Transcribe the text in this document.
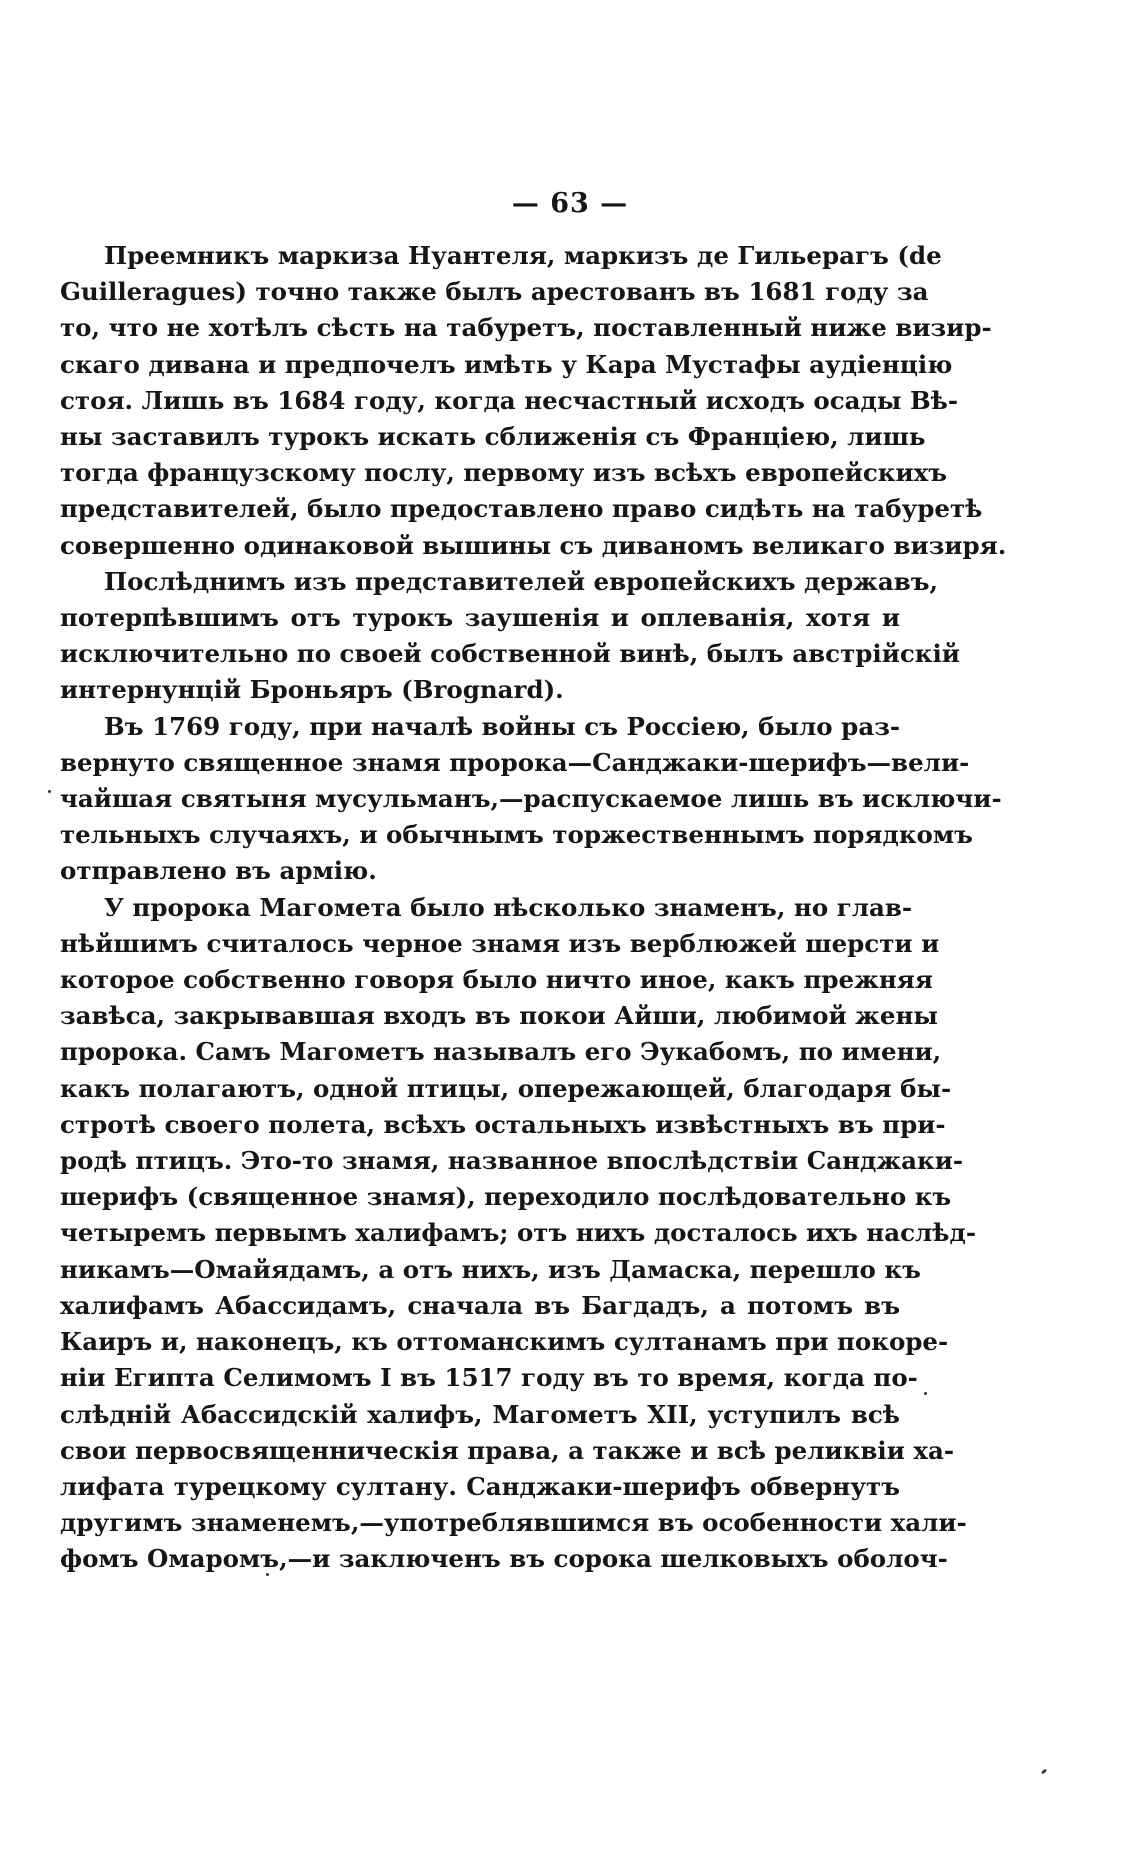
— 63 —
Преемникъ маркиза Нуантеля, маркизъ де Гильерагъ (de
Guilleragues) точно также былъ арестованъ въ 1681 году за
то, что не хотѣлъ сѣсть на табуретъ, поставленный ниже визир-
скаго дивана и предпочелъ имѣть у Кара Мустафы аудіенцію
стоя. Лишь въ 1684 году, когда несчастный исходъ осады Вѣ-
ны заставилъ турокъ искать сближенія съ Франціею, лишь
тогда французскому послу, первому изъ всѣхъ европейскихъ
представителей, было предоставлено право сидѣть на табуретѣ
совершенно одинаковой вышины съ диваномъ великаго визиря.
Послѣднимъ изъ представителей европейскихъ державъ,
потерпѣвшимъ отъ турокъ заушенія и оплеванія, хотя и
исключительно по своей собственной винѣ, былъ австрійскій
интернунцій Броньяръ (Brognard).
Въ 1769 году, при началѣ войны съ Россіею, было раз-
вернуто священное знамя пророка—Санджаки-шерифъ—вели-
чайшая святыня мусульманъ,—распускаемое лишь въ исключи-
тельныхъ случаяхъ, и обычнымъ торжественнымъ порядкомъ
отправлено въ армію.
У пророка Магомета было нѣсколько знаменъ, но глав-
нѣйшимъ считалось черное знамя изъ верблюжей шерсти и
которое собственно говоря было ничто иное, какъ прежняя
завѣса, закрывавшая входъ въ покои Айши, любимой жены
пророка. Самъ Магометъ называлъ его Эукабомъ, по имени,
какъ полагаютъ, одной птицы, опережающей, благодаря бы-
стротѣ своего полета, всѣхъ остальныхъ извѣстныхъ въ при-
родѣ птицъ. Это-то знамя, названное впослѣдствіи Санджаки-
шерифъ (священное знамя), переходило послѣдовательно къ
четыремъ первымъ халифамъ; отъ нихъ досталось ихъ наслѣд-
никамъ—Омайядамъ, а отъ нихъ, изъ Дамаска, перешло къ
халифамъ Абассидамъ, сначала въ Багдадъ, а потомъ въ
Каиръ и, наконецъ, къ оттоманскимъ султанамъ при покоре-
ніи Египта Селимомъ I въ 1517 году въ то время, когда по-
слѣдній Абассидскій халифъ, Магометъ XII, уступилъ всѣ
свои первосвященническія права, а также и всѣ реликвіи ха-
лифата турецкому султану. Санджаки-шерифъ обвернутъ
другимъ знаменемъ,—употреблявшимся въ особенности хали-
фомъ Омаромъ,—и заключенъ въ сорока шелковыхъ оболоч-
